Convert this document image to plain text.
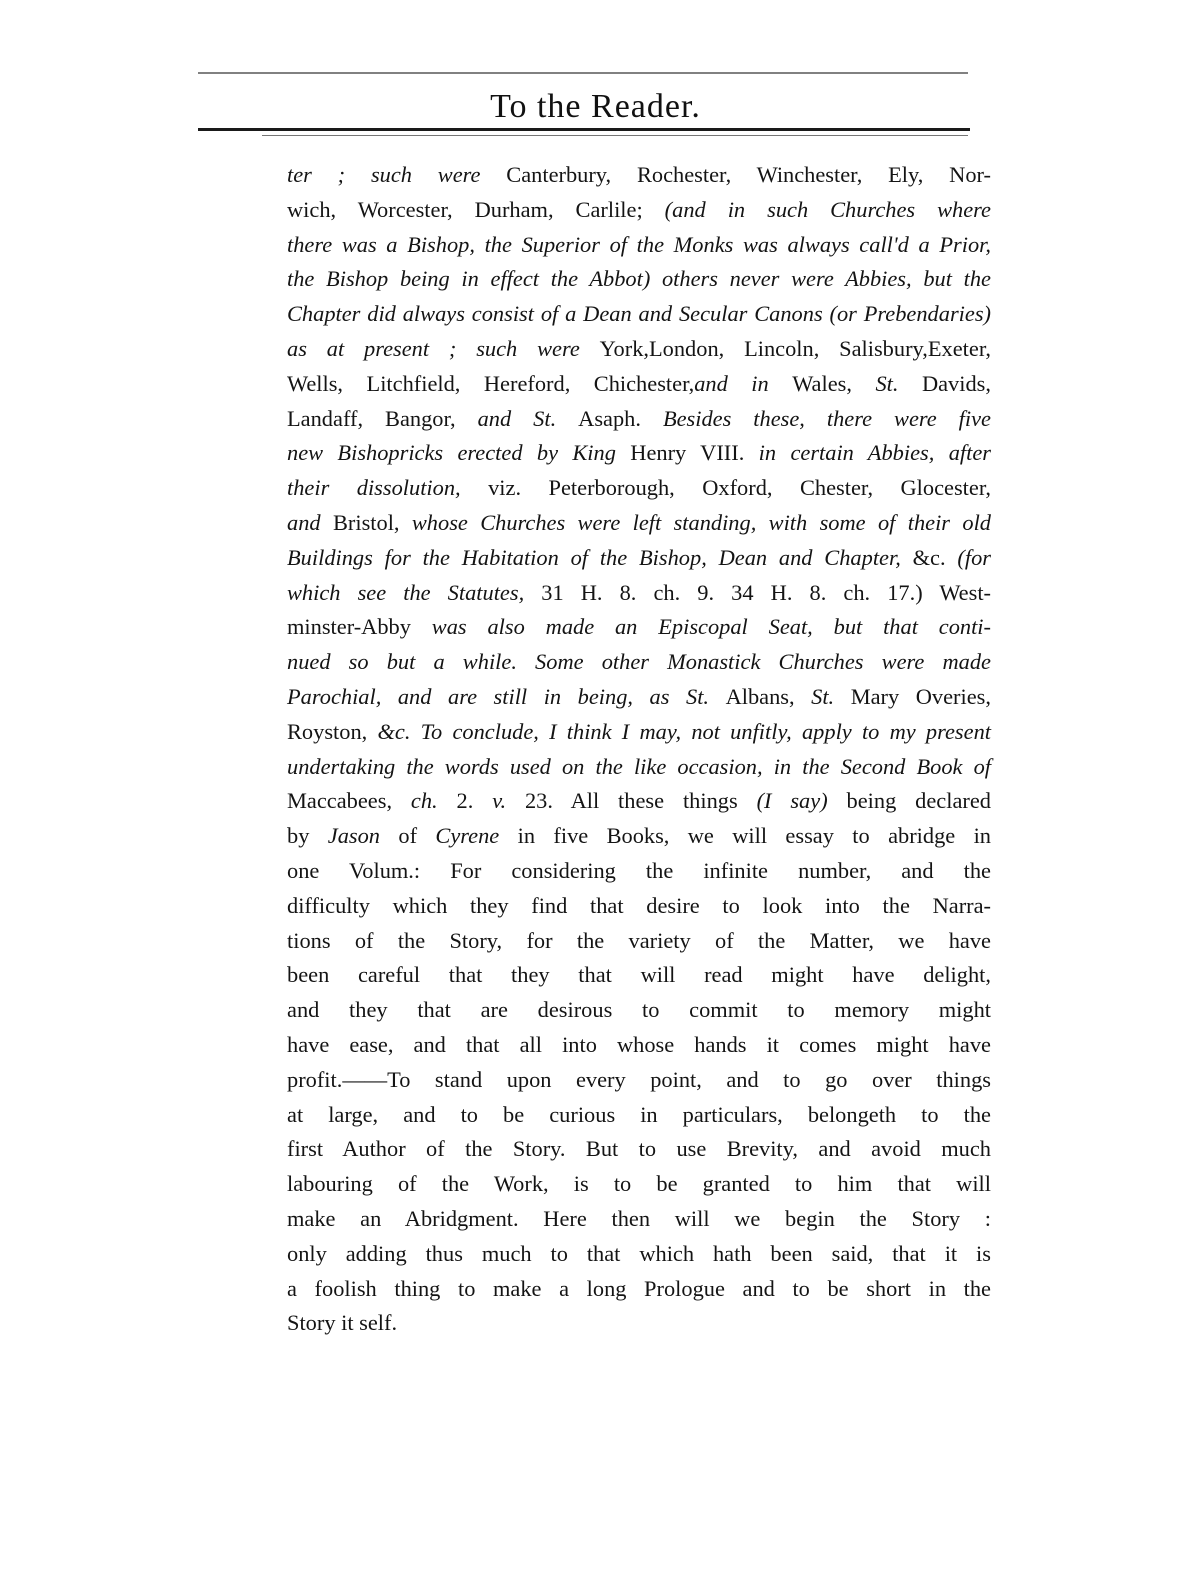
To the Reader.
ter ; such were Canterbury, Rochester, Winchester, Ely, Nor-
wich, Worcester, Durham, Carlile; (and in such Churches where
there was a Bishop, the Superior of the Monks was always call'd a Prior,
the Bishop being in effect the Abbot) others never were Abbies, but the
Chapter did always consist of a Dean and Secular Canons (or Prebendaries)
as at present ; such were York,London, Lincoln, Salisbury,Exeter,
Wells, Litchfield, Hereford, Chichester,and in Wales, St. Davids,
Landaff, Bangor, and St. Asaph. Besides these, there were five
new Bishopricks erected by King Henry VIII. in certain Abbies, after
their dissolution, viz. Peterborough, Oxford, Chester, Glocester,
and Bristol, whose Churches were left standing, with some of their old
Buildings for the Habitation of the Bishop, Dean and Chapter, &c. (for
which see the Statutes, 31 H. 8. ch. 9. 34 H. 8. ch. 17.) West-
minster-Abby was also made an Episcopal Seat, but that conti-
nued so but a while. Some other Monastick Churches were made
Parochial, and are still in being, as St. Albans, St. Mary Overies,
Royston, &c. To conclude, I think I may, not unfitly, apply to my present
undertaking the words used on the like occasion, in the Second Book of
Maccabees, ch. 2. v. 23. All these things (I say) being declared
by Jason of Cyrene in five Books, we will essay to abridge in
one Volum.: For considering the infinite number, and the
difficulty which they find that desire to look into the Narra-
tions of the Story, for the variety of the Matter, we have
been careful that they that will read might have delight,
and they that are desirous to commit to memory might
have ease, and that all into whose hands it comes might have
profit.——To stand upon every point, and to go over things
at large, and to be curious in particulars, belongeth to the
first Author of the Story. But to use Brevity, and avoid much
labouring of the Work, is to be granted to him that will
make an Abridgment. Here then will we begin the Story :
only adding thus much to that which hath been said, that it is
a foolish thing to make a long Prologue and to be short in the
Story it self.
